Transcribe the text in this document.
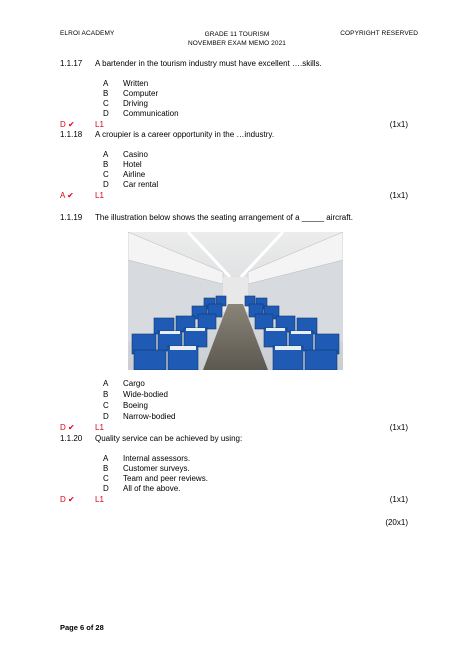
ELROI ACADEMY	GRADE 11 TOURISM
NOVEMBER EXAM MEMO 2021
COPYRIGHT RESERVED
1.1.17 A bartender in the tourism industry must have excellent ….skills.
A Written
B Computer
C Driving
D Communication
D ✔	L1	(1x1)
1.1.18 A croupier is a career opportunity in the …industry.
A Casino
B Hotel
C Airline
D Car rental
A ✔	L1	(1x1)
1.1.19 The illustration below shows the seating arrangement of a _____ aircraft.
A Cargo
B Wide-bodied
C Boeing
D Narrow-bodied
D ✔	L1	(1x1)
1.1.20 Quality service can be achieved by using:
A Internal assessors.
B Customer surveys.
C Team and peer reviews.
D All of the above.
D ✔	L1	(1x1)
(20x1)
Page 6 of 28
